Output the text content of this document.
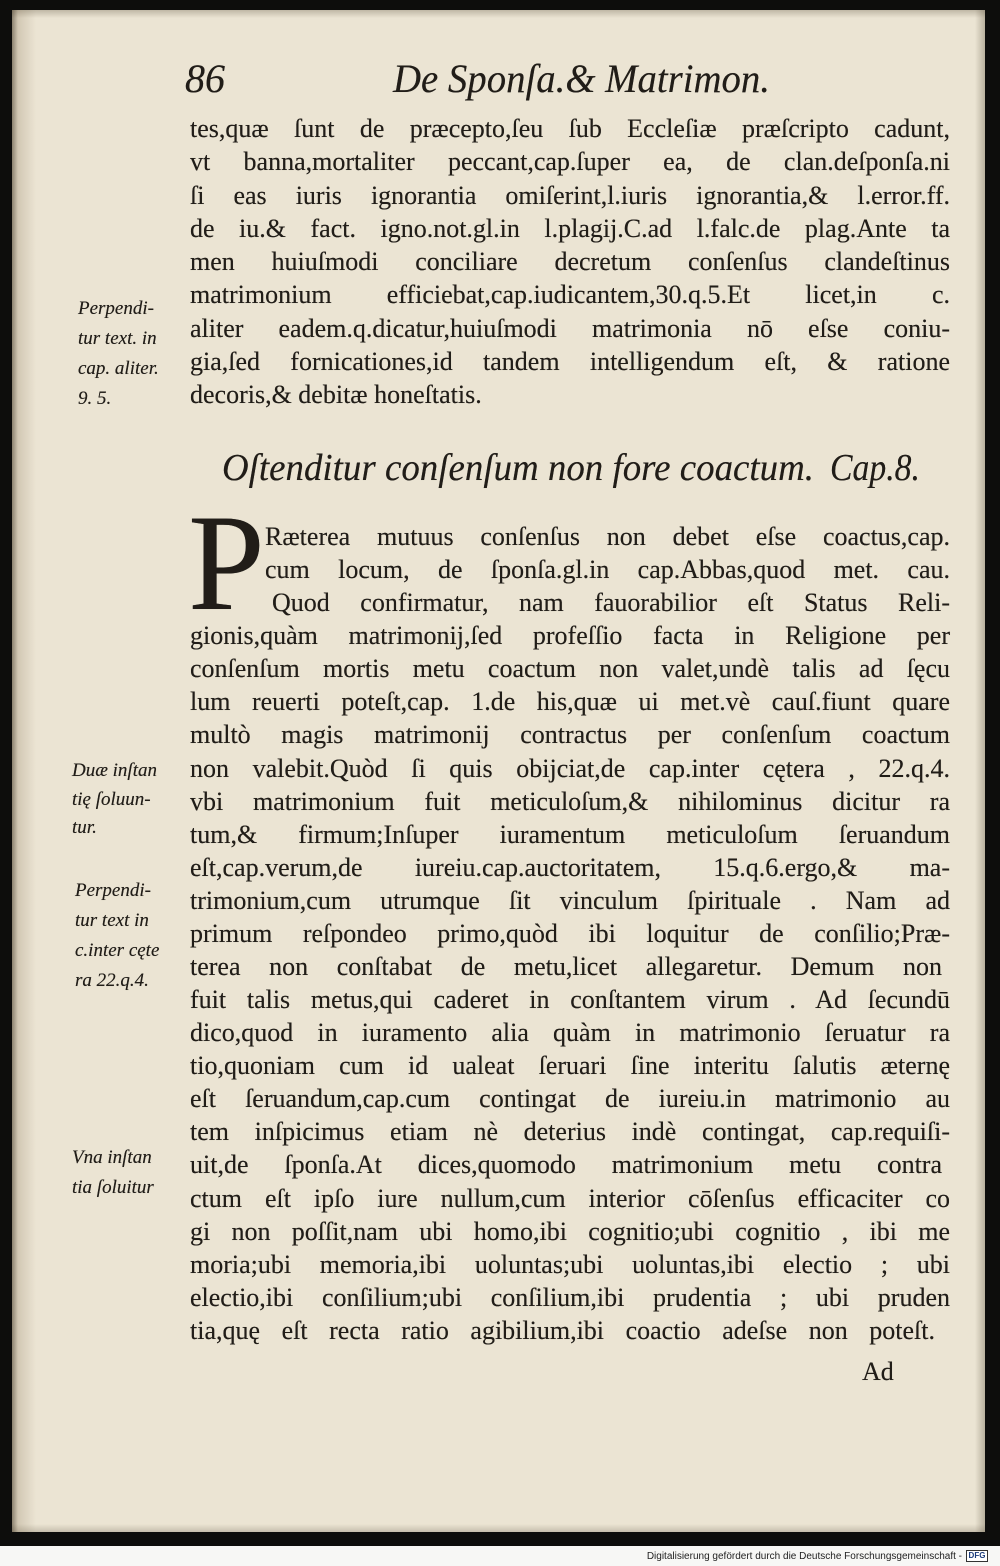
86	De Sponſa.& Matrimon.
tes,quæ ſunt de præcepto,ſeu ſub Eccleſiæ præſcripto cadunt,
vt banna,mortaliter peccant,cap.ſuper ea, de clan.deſponſa.ni
ſi eas iuris ignorantia omiſerint,l.iuris ignorantia,& l.error.ff.
de iu.& fact. igno.not.gl.in l.plagij.C.ad l.falc.de plag.Ante ta
men huiuſmodi conciliare decretum conſenſus clandeſtinus
matrimonium efficiebat,cap.iudicantem,30.q.5.Et licet,in c.
aliter eadem.q.dicatur,huiuſmodi matrimonia nō eſse coniu-
gia,ſed fornicationes,id tandem intelligendum eſt, & ratione
decoris,& debitæ honeſtatis.
Perpendi-
tur text. in
cap. aliter.
9. 5.
Duæ inſtan
tię ſoluun-
tur.
Perpendi-
tur text in
c.inter cęte
ra 22.q.4.
Vna inſtan
tia ſoluitur
Oſtenditur conſenſum non fore coactum. Cap.8.
P Ræterea mutuus conſenſus non debet eſse coactus,cap.
cum locum, de ſponſa.gl.in cap.Abbas,quod met. cau.
Quod confirmatur, nam fauorabilior eſt Status Reli-
gionis,quàm matrimonij,ſed profeſſio facta in Religione per
conſenſum mortis metu coactum non valet,undè talis ad ſęcu
lum reuerti poteſt,cap. 1.de his,quæ ui met.vè cauſ.fiunt quare
multò magis matrimonij contractus per conſenſum coactum
non valebit.Quòd ſi quis obijciat,de cap.inter cętera , 22.q.4.
vbi matrimonium fuit meticuloſum,& nihilominus dicitur ra
tum,& firmum;Inſuper iuramentum meticuloſum ſeruandum
eſt,cap.verum,de iureiu.cap.auctoritatem, 15.q.6.ergo,& ma-
trimonium,cum utrumque ſit vinculum ſpirituale . Nam ad
primum reſpondeo primo,quòd ibi loquitur de conſilio;Præ-
terea non conſtabat de metu,licet allegaretur. Demum non
fuit talis metus,qui caderet in conſtantem virum . Ad ſecundū
dico,quod in iuramento alia quàm in matrimonio ſeruatur ra
tio,quoniam cum id ualeat ſeruari ſine interitu ſalutis æternę
eſt ſeruandum,cap.cum contingat de iureiu.in matrimonio au
tem inſpicimus etiam nè deterius indè contingat, cap.requiſi-
uit,de ſponſa.At dices,quomodo matrimonium metu contra
ctum eſt ipſo iure nullum,cum interior cōſenſus efficaciter co
gi non poſſit,nam ubi homo,ibi cognitio;ubi cognitio , ibi me
moria;ubi memoria,ibi uoluntas;ubi uoluntas,ibi electio ; ubi
electio,ibi conſilium;ubi conſilium,ibi prudentia ; ubi pruden
tia,quę eſt recta ratio agibilium,ibi coactio adeſse non poteſt.
Ad
Digitalisierung gefördert durch die Deutsche Forschungsgemeinschaft - DFG
